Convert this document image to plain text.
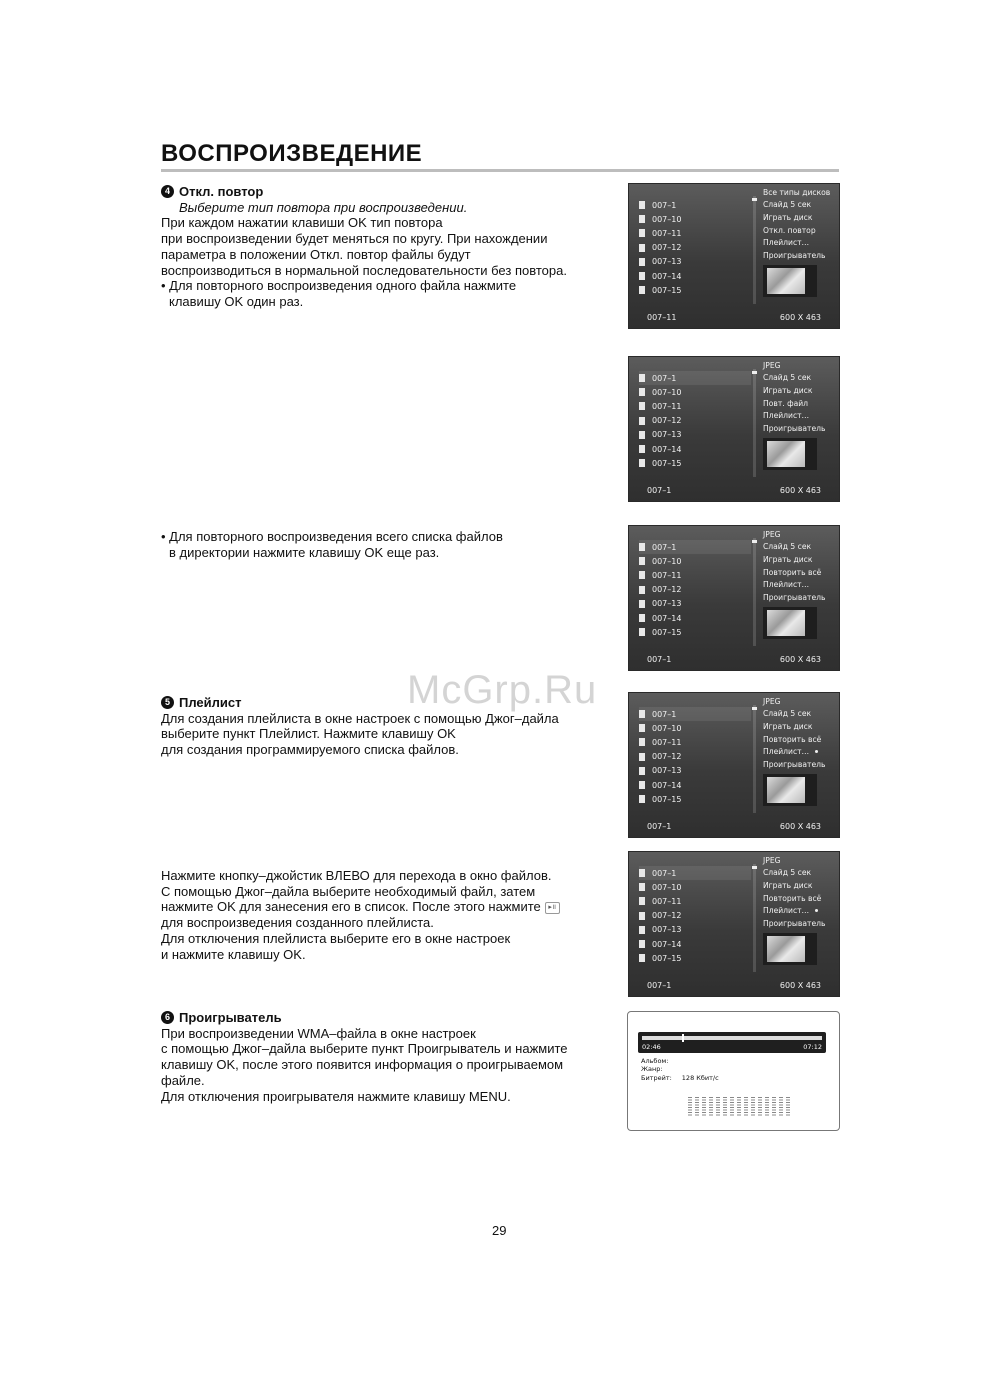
ВОСПРОИЗВЕДЕНИЕ
4 Откл. повтор

Выберите тип повтора при воспроизведении.

При каждом нажатии клавиши OK тип повтора

при воспроизведении будет меняться по кругу. При нахождении

параметра в положении Откл. повтор файлы будут

воспроизводиться в нормальной последовательности без повтора.

• Для повторного воспроизведения одного файла нажмите

клавишу OK один раз.

• Для повторного воспроизведения всего списка файлов

в директории нажмите клавишу OK еще раз.

McGrp.Ru
5 Плейлист

Для создания плейлиста в окне настроек с помощью Джог–дайла

выберите пункт Плейлист. Нажмите клавишу OK

для создания программируемого списка файлов.

Нажмите кнопку–джойстик ВЛЕВО для перехода в окно файлов.

С помощью Джог–дайла выберите необходимый файл, затем

нажмите OK для занесения его в список. После этого нажмите ▸॥

для воспроизведения созданного плейлиста.

Для отключения плейлиста выберите его в окне настроек

и нажмите клавишу OK.

6 Проигрыватель

При воспроизведении WMA–файла в окне настроек

с помощью Джог–дайла выберите пункт Проигрыватель и нажмите

клавишу OK, после этого появится информация о проигрываемом

файле.

Для отключения проигрывателя нажмите клавишу MENU.

007–1
007–10
007–11
007–12
007–13
007–14
007–15
Все типы дисков
Слайд 5 сек
Играть диск
Откл. повтор
Плейлист…
Проигрыватель
007–11	600 X 463
007–1
007–10
007–11
007–12
007–13
007–14
007–15
JPEG
Слайд 5 сек
Играть диск
Повт. файл
Плейлист…
Проигрыватель
007–1	600 X 463
007–1
007–10
007–11
007–12
007–13
007–14
007–15
JPEG
Слайд 5 сек
Играть диск
Повторить всё
Плейлист…
Проигрыватель
007–1	600 X 463
007–1
007–10
007–11
007–12
007–13
007–14
007–15
JPEG
Слайд 5 сек
Играть диск
Повторить всё
Плейлист…
Проигрыватель
007–1	600 X 463
007–1
007–10
007–11
007–12
007–13
007–14
007–15
JPEG
Слайд 5 сек
Играть диск
Повторить всё
Плейлист…
Проигрыватель
007–1	600 X 463
02:46	07:12
Альбом:
Жанр:
Битрейт: 128 Кбит/с
29
